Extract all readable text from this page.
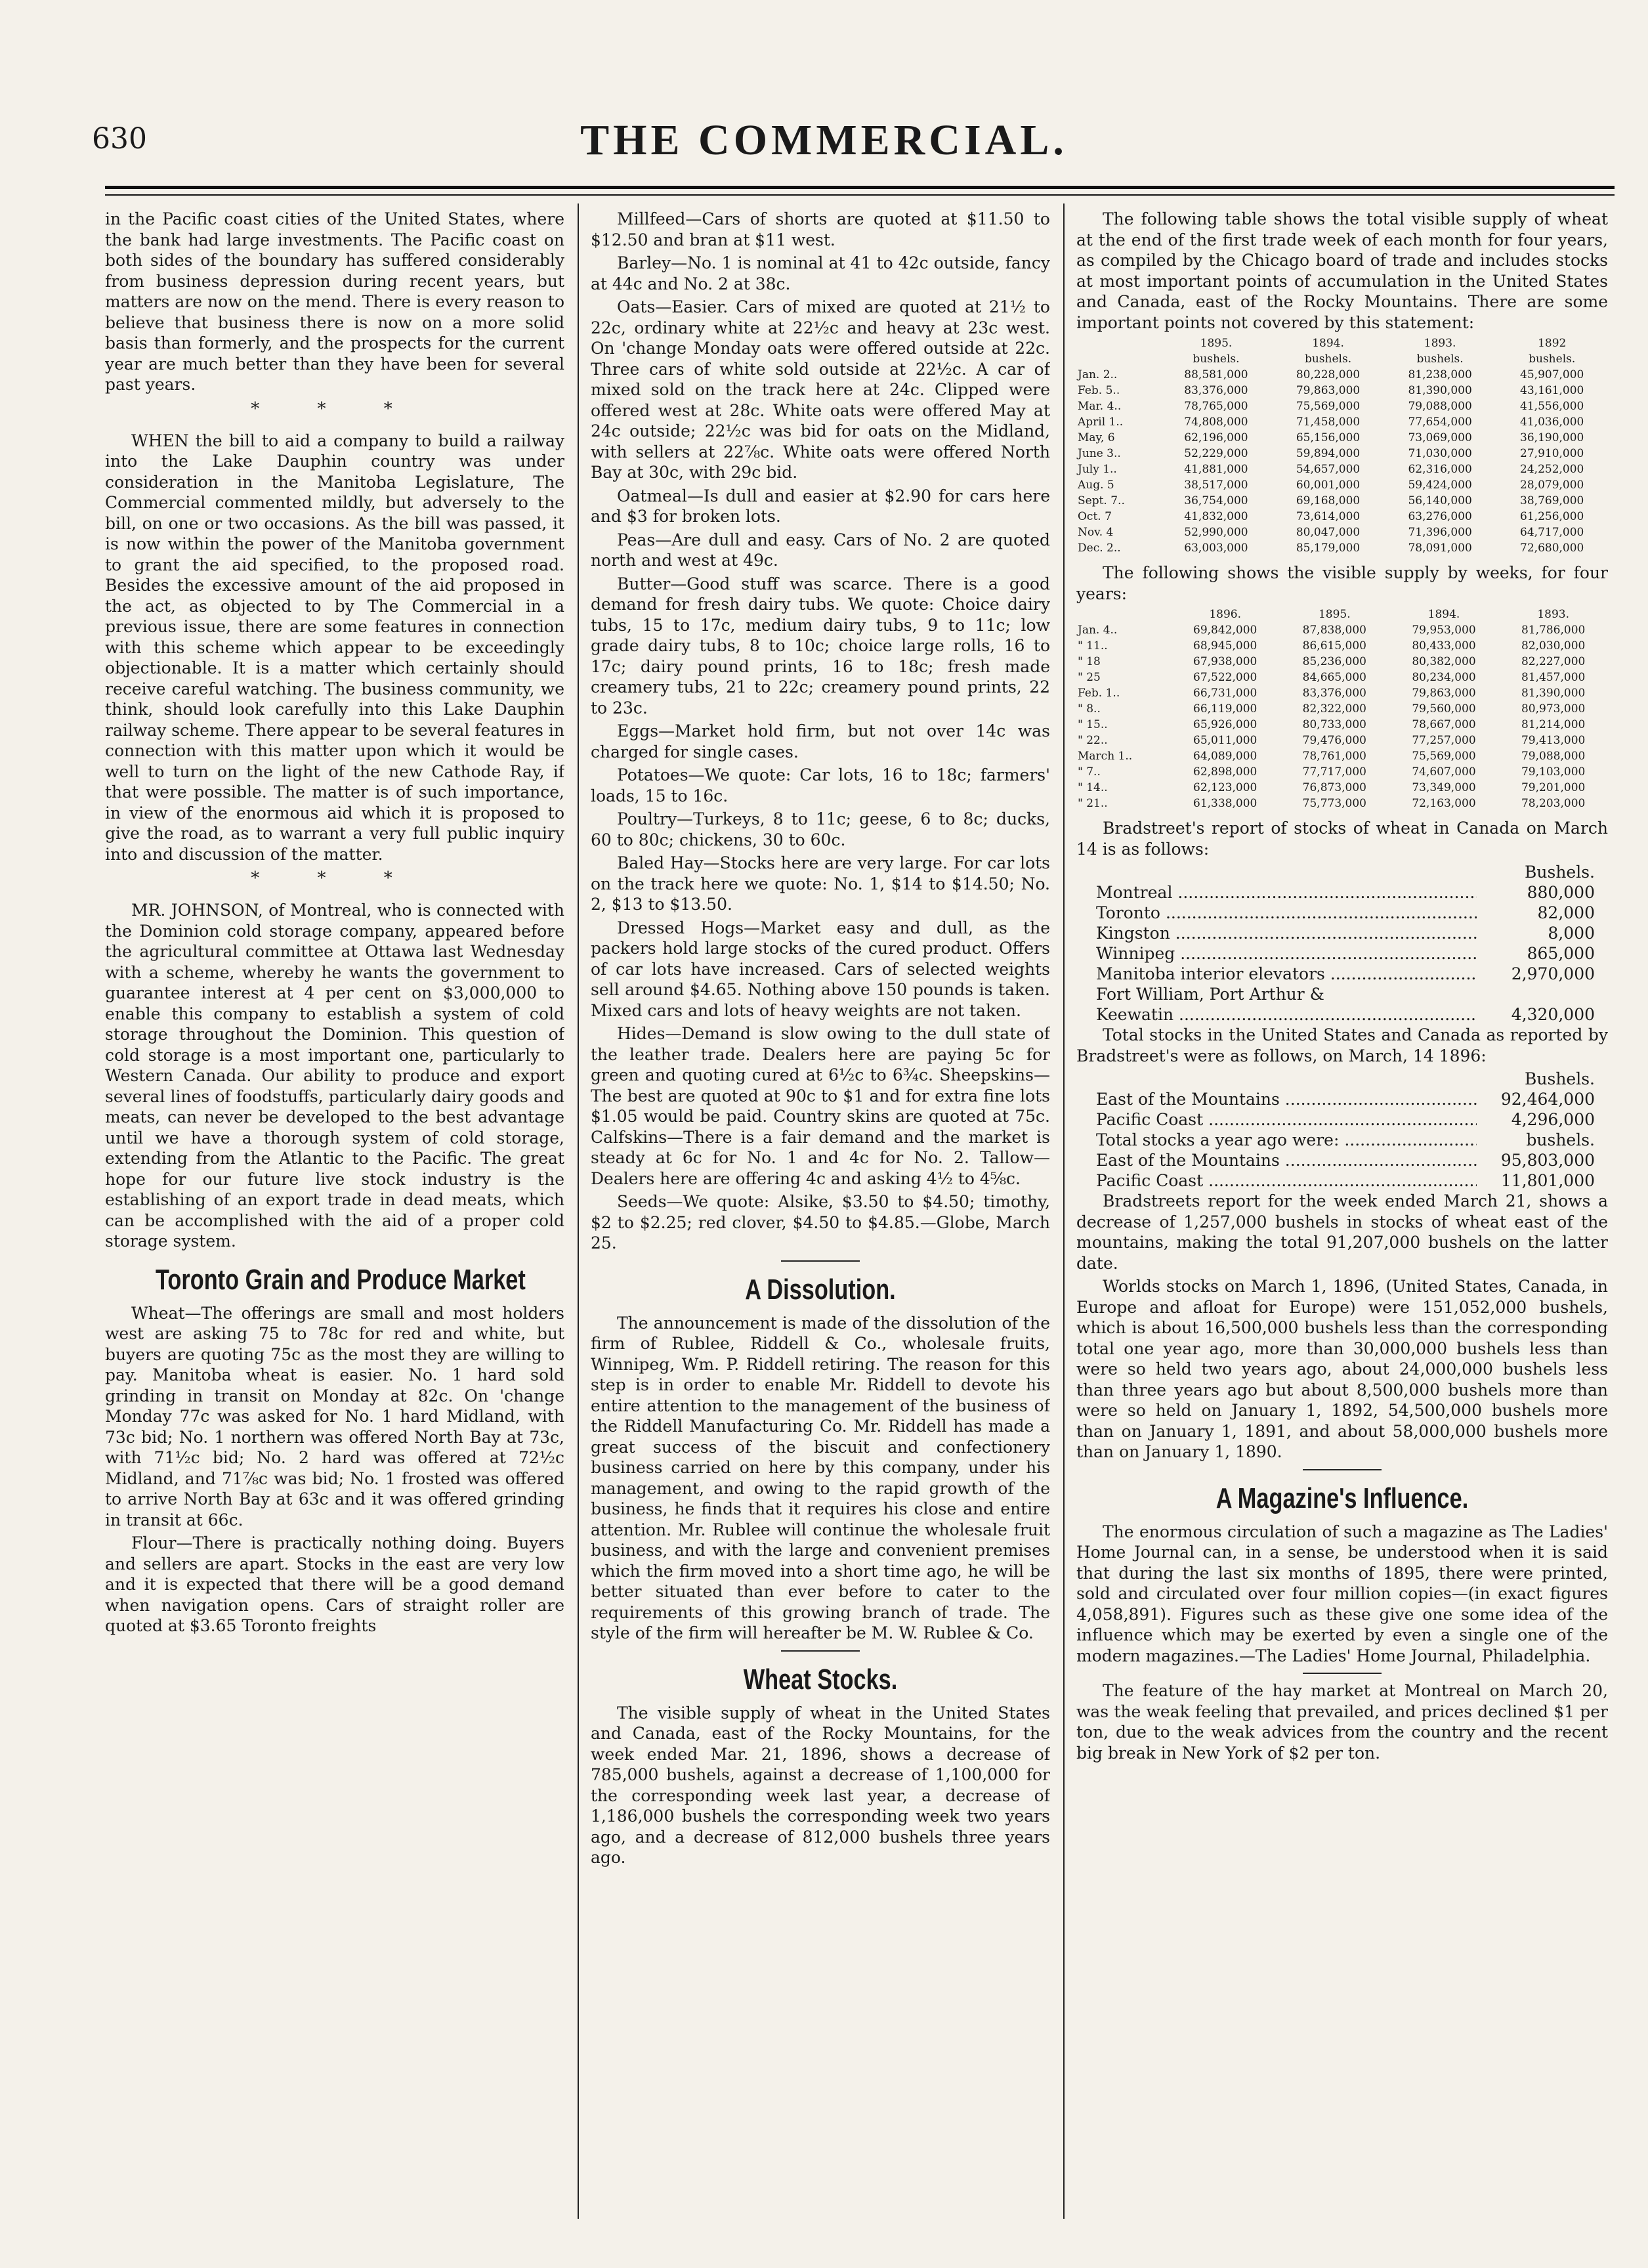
630	THE COMMERCIAL.

in the Pacific coast cities of the United States, where the bank had large investments. The Pacific coast on both sides of the boundary has suffered considerably from business depression during recent years, but matters are now on the mend. There is every reason to believe that business there is now on a more solid basis than formerly, and the prospects for the current year are much better than they have been for several past years.

* * *

WHEN the bill to aid a company to build a railway into the Lake Dauphin country was under consideration in the Manitoba Legislature, The Commercial commented mildly, but adversely to the bill, on one or two occasions. As the bill was passed, it is now within the power of the Manitoba government to grant the aid specified, to the proposed road. Besides the excessive amount of the aid proposed in the act, as objected to by The Commercial in a previous issue, there are some features in connection with this scheme which appear to be exceedingly objectionable. It is a matter which certainly should receive careful watching. The business community, we think, should look carefully into this Lake Dauphin railway scheme. There appear to be several features in connection with this matter upon which it would be well to turn on the light of the new Cathode Ray, if that were possible. The matter is of such importance, in view of the enormous aid which it is proposed to give the road, as to warrant a very full public inquiry into and discussion of the matter.

* * *

MR. JOHNSON, of Montreal, who is connected with the Dominion cold storage company, appeared before the agricultural committee at Ottawa last Wednesday with a scheme, whereby he wants the government to guarantee interest at 4 per cent on $3,000,000 to enable this company to establish a system of cold storage throughout the Dominion. This question of cold storage is a most important one, particularly to Western Canada. Our ability to produce and export several lines of foodstuffs, particularly dairy goods and meats, can never be developed to the best advantage until we have a thorough system of cold storage, extending from the Atlantic to the Pacific. The great hope for our future live stock industry is the establishing of an export trade in dead meats, which can be accomplished with the aid of a proper cold storage system.

Toronto Grain and Produce Market

Wheat—The offerings are small and most holders west are asking 75 to 78c for red and white, but buyers are quoting 75c as the most they are willing to pay. Manitoba wheat is easier. No. 1 hard sold grinding in transit on Monday at 82c. On 'change Monday 77c was asked for No. 1 hard Midland, with 73c bid; No. 1 northern was offered North Bay at 73c, with 71½c bid; No. 2 hard was offered at 72½c Midland, and 71⅞c was bid; No. 1 frosted was offered to arrive North Bay at 63c and it was offered grinding in transit at 66c.

Flour—There is practically nothing doing. Buyers and sellers are apart. Stocks in the east are very low and it is expected that there will be a good demand when navigation opens. Cars of straight roller are quoted at $3.65 Toronto freights

Millfeed—Cars of shorts are quoted at $11.50 to $12.50 and bran at $11 west.

Barley—No. 1 is nominal at 41 to 42c outside, fancy at 44c and No. 2 at 38c.

Oats—Easier. Cars of mixed are quoted at 21½ to 22c, ordinary white at 22½c and heavy at 23c west. On 'change Monday oats were offered outside at 22c. Three cars of white sold outside at 22½c. A car of mixed sold on the track here at 24c. Clipped were offered west at 28c. White oats were offered May at 24c outside; 22½c was bid for oats on the Midland, with sellers at 22⅞c. White oats were offered North Bay at 30c, with 29c bid.

Oatmeal—Is dull and easier at $2.90 for cars here and $3 for broken lots.

Peas—Are dull and easy. Cars of No. 2 are quoted north and west at 49c.

Butter—Good stuff was scarce. There is a good demand for fresh dairy tubs. We quote: Choice dairy tubs, 15 to 17c, medium dairy tubs, 9 to 11c; low grade dairy tubs, 8 to 10c; choice large rolls, 16 to 17c; dairy pound prints, 16 to 18c; fresh made creamery tubs, 21 to 22c; creamery pound prints, 22 to 23c.

Eggs—Market hold firm, but not over 14c was charged for single cases.

Potatoes—We quote: Car lots, 16 to 18c; farmers' loads, 15 to 16c.

Poultry—Turkeys, 8 to 11c; geese, 6 to 8c; ducks, 60 to 80c; chickens, 30 to 60c.

Baled Hay—Stocks here are very large. For car lots on the track here we quote: No. 1, $14 to $14.50; No. 2, $13 to $13.50.

Dressed Hogs—Market easy and dull, as the packers hold large stocks of the cured product. Offers of car lots have increased. Cars of selected weights sell around $4.65. Nothing above 150 pounds is taken. Mixed cars and lots of heavy weights are not taken.

Hides—Demand is slow owing to the dull state of the leather trade. Dealers here are paying 5c for green and quoting cured at 6½c to 6¾c. Sheepskins—The best are quoted at 90c to $1 and for extra fine lots $1.05 would be paid. Country skins are quoted at 75c. Calfskins—There is a fair demand and the market is steady at 6c for No. 1 and 4c for No. 2. Tallow—Dealers here are offering 4c and asking 4½ to 4⅝c.

Seeds—We quote: Alsike, $3.50 to $4.50; timothy, $2 to $2.25; red clover, $4.50 to $4.85.—Globe, March 25.

A Dissolution.

The announcement is made of the dissolution of the firm of Rublee, Riddell & Co., wholesale fruits, Winnipeg, Wm. P. Riddell retiring. The reason for this step is in order to enable Mr. Riddell to devote his entire attention to the management of the business of the Riddell Manufacturing Co. Mr. Riddell has made a great success of the biscuit and confectionery business carried on here by this company, under his management, and owing to the rapid growth of the business, he finds that it requires his close and entire attention. Mr. Rublee will continue the wholesale fruit business, and with the large and convenient premises which the firm moved into a short time ago, he will be better situated than ever before to cater to the requirements of this growing branch of trade. The style of the firm will hereafter be M. W. Rublee & Co.

Wheat Stocks.

The visible supply of wheat in the United States and Canada, east of the Rocky Mountains, for the week ended Mar. 21, 1896, shows a decrease of 785,000 bushels, against a decrease of 1,100,000 for the corresponding week last year, a decrease of 1,186,000 bushels the corresponding week two years ago, and a decrease of 812,000 bushels three years ago.

The following table shows the total visible supply of wheat at the end of the first trade week of each month for four years, as compiled by the Chicago board of trade and includes stocks at most important points of accumulation in the United States and Canada, east of the Rocky Mountains. There are some important points not covered by this statement:

	1895.	1894.	1893.	1892
	bushels.	bushels.	bushels.	bushels.
Jan. 2..	88,581,000	80,228,000	81,238,000	45,907,000
Feb. 5..	83,376,000	79,863,000	81,390,000	43,161,000
Mar. 4..	78,765,000	75,569,000	79,088,000	41,556,000
April 1..	74,808,000	71,458,000	77,654,000	41,036,000
May, 6	62,196,000	65,156,000	73,069,000	36,190,000
June 3..	52,229,000	59,894,000	71,030,000	27,910,000
July 1..	41,881,000	54,657,000	62,316,000	24,252,000
Aug. 5	38,517,000	60,001,000	59,424,000	28,079,000
Sept. 7..	36,754,000	69,168,000	56,140,000	38,769,000
Oct. 7	41,832,000	73,614,000	63,276,000	61,256,000
Nov. 4	52,990,000	80,047,000	71,396,000	64,717,000
Dec. 2..	63,003,000	85,179,000	78,091,000	72,680,000

The following shows the visible supply by weeks, for four years:

	1896.	1895.	1894.	1893.
Jan. 4..	69,842,000	87,838,000	79,953,000	81,786,000
" 11..	68,945,000	86,615,000	80,433,000	82,030,000
" 18	67,938,000	85,236,000	80,382,000	82,227,000
" 25	67,522,000	84,665,000	80,234,000	81,457,000
Feb. 1..	66,731,000	83,376,000	79,863,000	81,390,000
" 8..	66,119,000	82,322,000	79,560,000	80,973,000
" 15..	65,926,000	80,733,000	78,667,000	81,214,000
" 22..	65,011,000	79,476,000	77,257,000	79,413,000
March 1..	64,089,000	78,761,000	75,569,000	79,088,000
" 7..	62,898,000	77,717,000	74,607,000	79,103,000
" 14..	62,123,000	76,873,000	73,349,000	79,201,000
" 21..	61,338,000	75,773,000	72,163,000	78,203,000

Bradstreet's report of stocks of wheat in Canada on March 14 is as follows:

Bushels.
Montreal .....	880,000
Toronto .....	82,000
Kingston .....	8,000
Winnipeg .....	865,000
Manitoba interior elevators .....	2,970,000
Fort William, Port Arthur &
Keewatin .....	4,320,000

Total stocks in the United States and Canada as reported by Bradstreet's were as follows, on March, 14 1896:

Bushels.
East of the Mountains .....	92,464,000
Pacific Coast .....	4,296,000
Total stocks a year ago were: .....	bushels.
East of the Mountains .....	95,803,000
Pacific Coast .....	11,801,000

Bradstreets report for the week ended March 21, shows a decrease of 1,257,000 bushels in stocks of wheat east of the mountains, making the total 91,207,000 bushels on the latter date.

Worlds stocks on March 1, 1896, (United States, Canada, in Europe and afloat for Europe) were 151,052,000 bushels, which is about 16,500,000 bushels less than the corresponding total one year ago, more than 30,000,000 bushels less than were so held two years ago, about 24,000,000 bushels less than three years ago but about 8,500,000 bushels more than were so held on January 1, 1892, 54,500,000 bushels more than on January 1, 1891, and about 58,000,000 bushels more than on January 1, 1890.

A Magazine's Influence.

The enormous circulation of such a magazine as The Ladies' Home Journal can, in a sense, be understood when it is said that during the last six months of 1895, there were printed, sold and circulated over four million copies—(in exact figures 4,058,891). Figures such as these give one some idea of the influence which may be exerted by even a single one of the modern magazines.—The Ladies' Home Journal, Philadelphia.

The feature of the hay market at Montreal on March 20, was the weak feeling that prevailed, and prices declined $1 per ton, due to the weak advices from the country and the recent big break in New York of $2 per ton.
